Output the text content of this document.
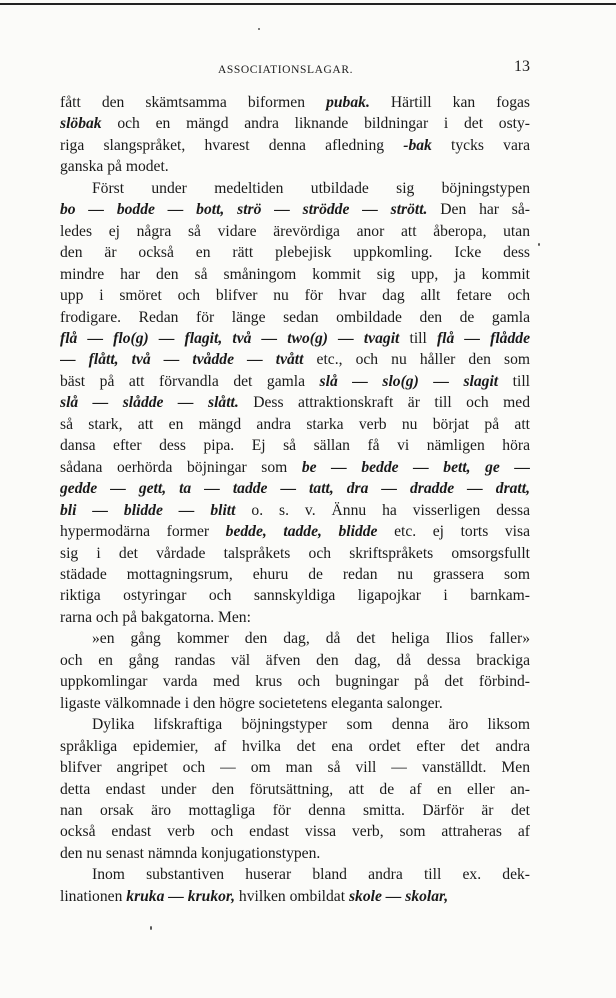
ASSOCIATIONSLAGAR.	13
fått den skämtsamma biformen pubak. Härtill kan fogas
slöbak och en mängd andra liknande bildningar i det osty-
riga slangspråket, hvarest denna afledning -bak tycks vara
ganska på modet.
Först under medeltiden utbildade sig böjningstypen
bo — bodde — bott, strö — strödde — strött. Den har så-
ledes ej några så vidare ärevördiga anor att åberopa, utan
den är också en rätt plebejisk uppkomling. Icke dess
mindre har den så småningom kommit sig upp, ja kommit
upp i smöret och blifver nu för hvar dag allt fetare och
frodigare. Redan för länge sedan ombildade den de gamla
flå — flo(g) — flagit, två — two(g) — tvagit till flå — flådde
— flått, två — tvådde — tvått etc., och nu håller den som
bäst på att förvandla det gamla slå — slo(g) — slagit till
slå — slådde — slått. Dess attraktionskraft är till och med
så stark, att en mängd andra starka verb nu börjat på att
dansa efter dess pipa. Ej så sällan få vi nämligen höra
sådana oerhörda böjningar som be — bedde — bett, ge —
gedde — gett, ta — tadde — tatt, dra — dradde — dratt,
bli — blidde — blitt o. s. v. Ännu ha visserligen dessa
hypermodärna former bedde, tadde, blidde etc. ej torts visa
sig i det vårdade talspråkets och skriftspråkets omsorgsfullt
städade mottagningsrum, ehuru de redan nu grassera som
riktiga ostyringar och sannskyldiga ligapojkar i barnkam-
rarna och på bakgatorna. Men:
»en gång kommer den dag, då det heliga Ilios faller»
och en gång randas väl äfven den dag, då dessa brackiga
uppkomlingar varda med krus och bugningar på det förbind-
ligaste välkomnade i den högre societetens eleganta salonger.
Dylika lifskraftiga böjningstyper som denna äro liksom
språkliga epidemier, af hvilka det ena ordet efter det andra
blifver angripet och — om man så vill — vanställdt. Men
detta endast under den förutsättning, att de af en eller an-
nan orsak äro mottagliga för denna smitta. Därför är det
också endast verb och endast vissa verb, som attraheras af
den nu senast nämnda konjugationstypen.
Inom substantiven huserar bland andra till ex. dek-
linationen kruka — krukor, hvilken ombildat skole — skolar,
